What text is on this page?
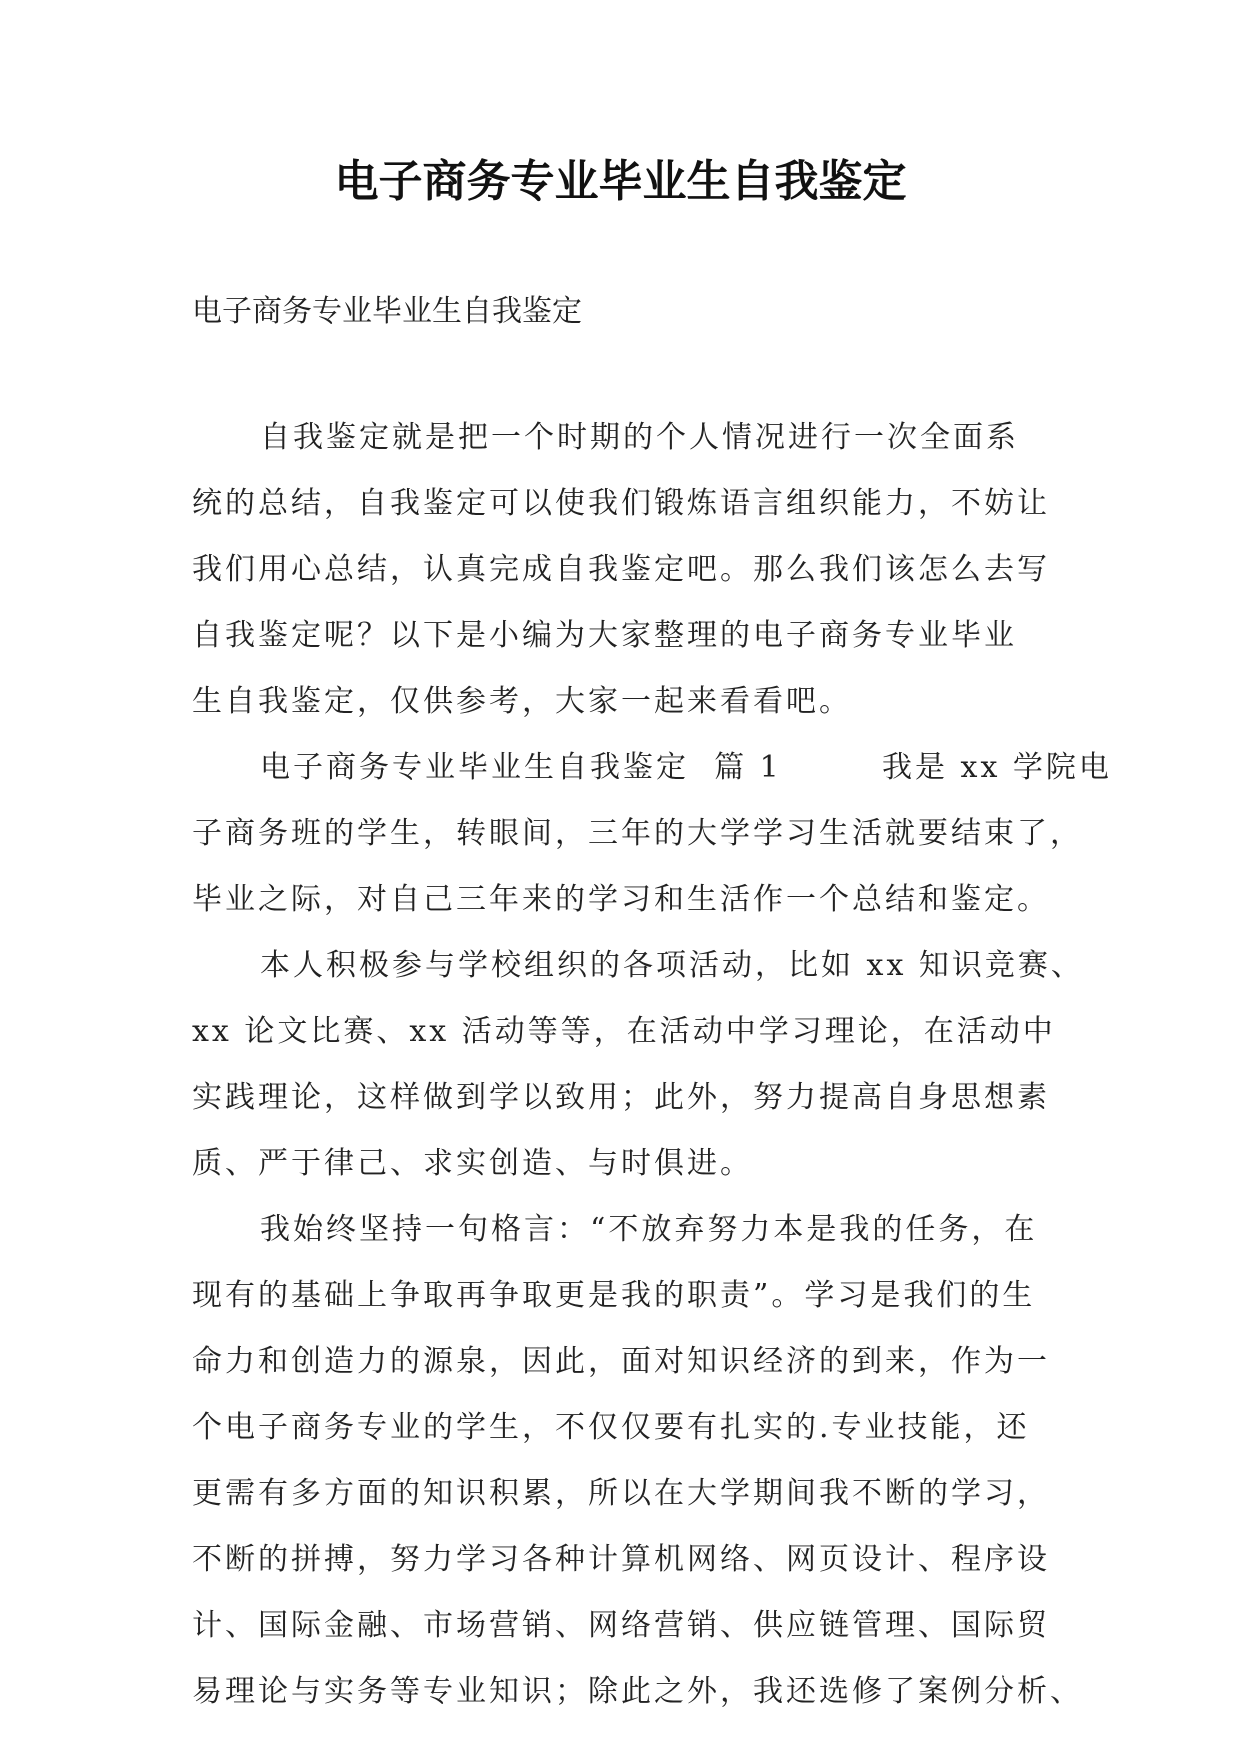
电子商务专业毕业生自我鉴定

电子商务专业毕业生自我鉴定

自我鉴定就是把一个时期的个人情况进行一次全面系
统的总结，自我鉴定可以使我们锻炼语言组织能力，不妨让
我们用心总结，认真完成自我鉴定吧。那么我们该怎么去写
自我鉴定呢？以下是小编为大家整理的电子商务专业毕业
生自我鉴定，仅供参考，大家一起来看看吧。
电子商务专业毕业生自我鉴定  篇 1        我是 xx 学院电
子商务班的学生，转眼间，三年的大学学习生活就要结束了，
毕业之际，对自己三年来的学习和生活作一个总结和鉴定。
本人积极参与学校组织的各项活动，比如 xx 知识竞赛、
xx 论文比赛、xx 活动等等，在活动中学习理论，在活动中
实践理论，这样做到学以致用；此外，努力提高自身思想素
质、严于律己、求实创造、与时俱进。
我始终坚持一句格言：“不放弃努力本是我的任务，在
现有的基础上争取再争取更是我的职责”。学习是我们的生
命力和创造力的源泉，因此，面对知识经济的到来，作为一
个电子商务专业的学生，不仅仅要有扎实的.专业技能，还
更需有多方面的知识积累，所以在大学期间我不断的学习，
不断的拼搏，努力学习各种计算机网络、网页设计、程序设
计、国际金融、市场营销、网络营销、供应链管理、国际贸
易理论与实务等专业知识；除此之外，我还选修了案例分析、
